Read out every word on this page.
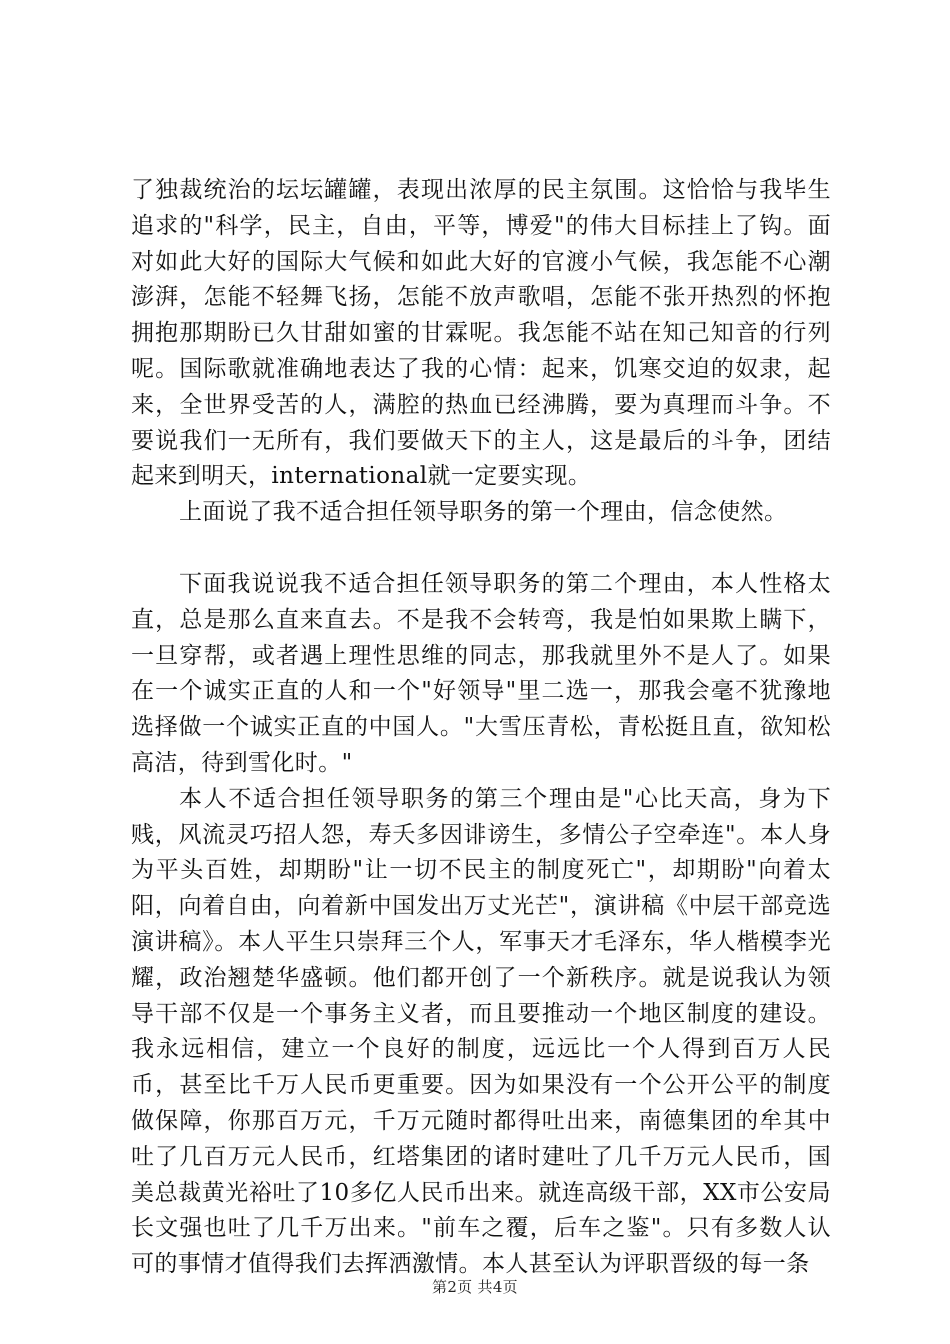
了独裁统治的坛坛罐罐，表现出浓厚的民主氛围。这恰恰与我毕生追求的"科学，民主，自由，平等，博爱"的伟大目标挂上了钩。面对如此大好的国际大气候和如此大好的官渡小气候，我怎能不心潮澎湃，怎能不轻舞飞扬，怎能不放声歌唱，怎能不张开热烈的怀抱拥抱那期盼已久甘甜如蜜的甘霖呢。我怎能不站在知己知音的行列呢。国际歌就准确地表达了我的心情：起来，饥寒交迫的奴隶，起来，全世界受苦的人，满腔的热血已经沸腾，要为真理而斗争。不要说我们一无所有，我们要做天下的主人，这是最后的斗争，团结起来到明天，international就一定要实现。

上面说了我不适合担任领导职务的第一个理由，信念使然。

下面我说说我不适合担任领导职务的第二个理由，本人性格太直，总是那么直来直去。不是我不会转弯，我是怕如果欺上瞒下，一旦穿帮，或者遇上理性思维的同志，那我就里外不是人了。如果在一个诚实正直的人和一个"好领导"里二选一，那我会毫不犹豫地选择做一个诚实正直的中国人。"大雪压青松，青松挺且直，欲知松高洁，待到雪化时。"

本人不适合担任领导职务的第三个理由是"心比天高，身为下贱，风流灵巧招人怨，寿夭多因诽谤生，多情公子空牵连"。本人身为平头百姓，却期盼"让一切不民主的制度死亡"，却期盼"向着太阳，向着自由，向着新中国发出万丈光芒"，演讲稿《中层干部竞选演讲稿》。本人平生只崇拜三个人，军事天才毛泽东，华人楷模李光耀，政治翘楚华盛顿。他们都开创了一个新秩序。就是说我认为领导干部不仅是一个事务主义者，而且要推动一个地区制度的建设。我永远相信，建立一个良好的制度，远远比一个人得到百万人民币，甚至比千万人民币更重要。因为如果没有一个公开公平的制度做保障，你那百万元，千万元随时都得吐出来，南德集团的牟其中吐了几百万元人民币，红塔集团的诸时建吐了几千万元人民币，国美总裁黄光裕吐了10多亿人民币出来。就连高级干部，XX市公安局长文强也吐了几千万出来。"前车之覆，后车之鉴"。只有多数人认可的事情才值得我们去挥洒激情。本人甚至认为评职晋级的每一条

第2页 共4页
